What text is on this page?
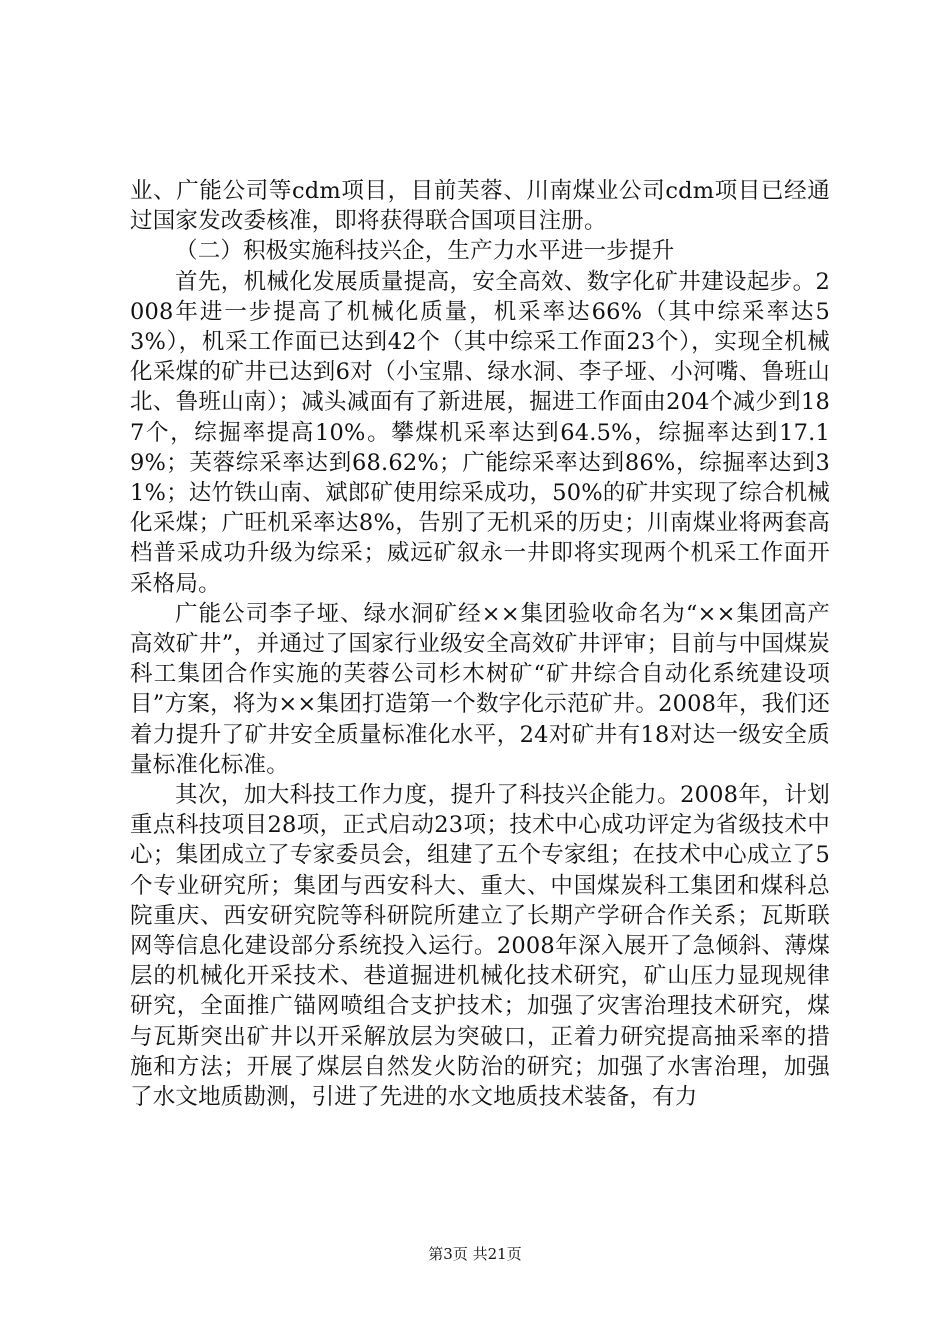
业、广能公司等cdm项目，目前芙蓉、川南煤业公司cdm项目已经通过国家发改委核准，即将获得联合国项目注册。

（二）积极实施科技兴企，生产力水平进一步提升

首先，机械化发展质量提高，安全高效、数字化矿井建设起步。2008年进一步提高了机械化质量，机采率达66%（其中综采率达53%），机采工作面已达到42个（其中综采工作面23个），实现全机械化采煤的矿井已达到6对（小宝鼎、绿水洞、李子垭、小河嘴、鲁班山北、鲁班山南）；减头减面有了新进展，掘进工作面由204个减少到187个，综掘率提高10%。攀煤机采率达到64.5%，综掘率达到17.19%；芙蓉综采率达到68.62%；广能综采率达到86%，综掘率达到31%；达竹铁山南、斌郎矿使用综采成功，50%的矿井实现了综合机械化采煤；广旺机采率达8%，告别了无机采的历史；川南煤业将两套高档普采成功升级为综采；威远矿叙永一井即将实现两个机采工作面开采格局。

广能公司李子垭、绿水洞矿经××集团验收命名为“××集团高产高效矿井”，并通过了国家行业级安全高效矿井评审；目前与中国煤炭科工集团合作实施的芙蓉公司杉木树矿“矿井综合自动化系统建设项目”方案，将为××集团打造第一个数字化示范矿井。2008年，我们还着力提升了矿井安全质量标准化水平，24对矿井有18对达一级安全质量标准化标准。

其次，加大科技工作力度，提升了科技兴企能力。2008年，计划重点科技项目28项，正式启动23项；技术中心成功评定为省级技术中心；集团成立了专家委员会，组建了五个专家组；在技术中心成立了5个专业研究所；集团与西安科大、重大、中国煤炭科工集团和煤科总院重庆、西安研究院等科研院所建立了长期产学研合作关系；瓦斯联网等信息化建设部分系统投入运行。2008年深入展开了急倾斜、薄煤层的机械化开采技术、巷道掘进机械化技术研究，矿山压力显现规律研究，全面推广锚网喷组合支护技术；加强了灾害治理技术研究，煤与瓦斯突出矿井以开采解放层为突破口，正着力研究提高抽采率的措施和方法；开展了煤层自然发火防治的研究；加强了水害治理，加强了水文地质勘测，引进了先进的水文地质技术装备，有力

第3页 共21页
